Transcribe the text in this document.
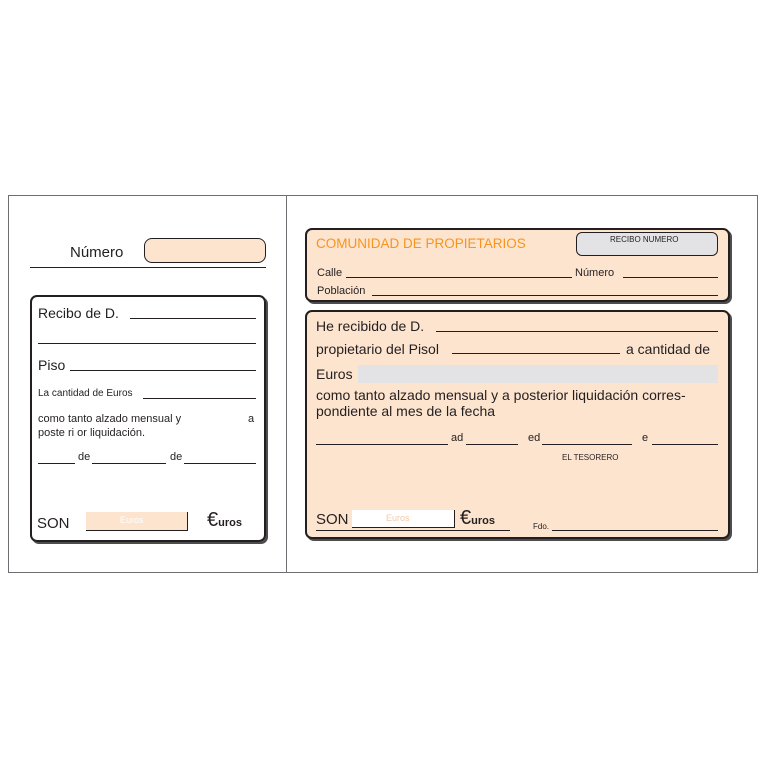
Número
Recibo de D.
Piso
La cantidad de Euros
como tanto alzado mensual y	a
poste ri or liquidación.
de	de
SON	Euros	€uros
COMUNIDAD DE PROPIETARIOS	RECIBO NUMERO
Calle	Número
Población
He recibido de D.
propietario del Pisol	a cantidad de
Euros
como tanto alzado mensual y a posterior liquidación corres-
pondiente al mes de la fecha
ad	ed	e
EL TESORERO
SON	Euros	€uros	Fdo.
